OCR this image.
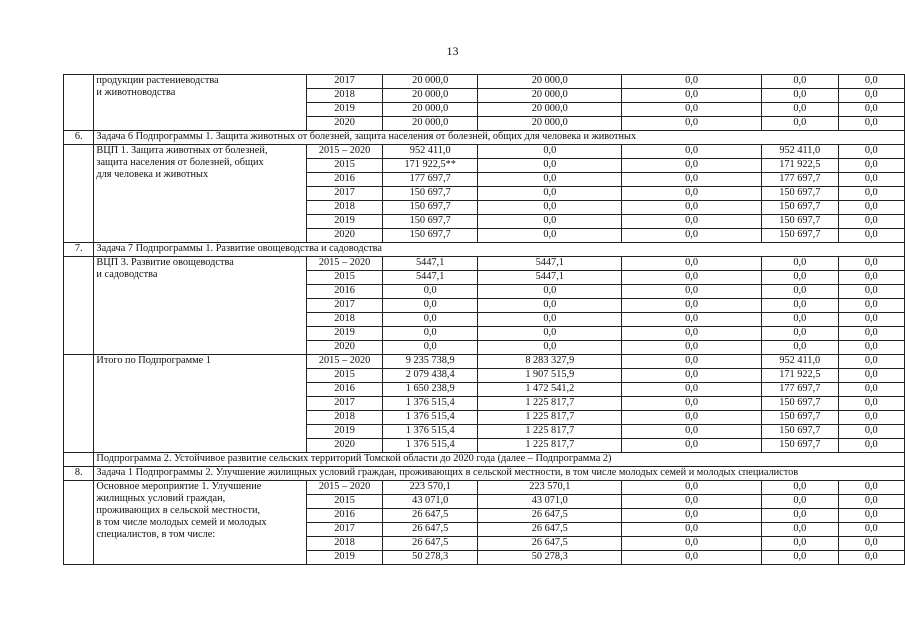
13

	продукции растениеводства
и животноводства	2017	20 000,0	20 000,0	0,0	0,0	0,0
		2018	20 000,0	20 000,0	0,0	0,0	0,0
		2019	20 000,0	20 000,0	0,0	0,0	0,0
		2020	20 000,0	20 000,0	0,0	0,0	0,0
6.	Задача 6 Подпрограммы 1. Защита животных от болезней, защита населения от болезней, общих для человека и животных						

	ВЦП 1. Защита животных от болезней,
защита населения от болезней, общих
для человека и животных	2015 – 2020	952 411,0	0,0	0,0	952 411,0	0,0
		2015	171 922,5**	0,0	0,0	171 922,5	0,0
		2016	177 697,7	0,0	0,0	177 697,7	0,0
		2017	150 697,7	0,0	0,0	150 697,7	0,0
		2018	150 697,7	0,0	0,0	150 697,7	0,0
		2019	150 697,7	0,0	0,0	150 697,7	0,0
		2020	150 697,7	0,0	0,0	150 697,7	0,0
7.	Задача 7 Подпрограммы 1. Развитие овощеводства и садоводства						

	ВЦП 3. Развитие овощеводства
и садоводства	2015 – 2020	5447,1	5447,1	0,0	0,0	0,0
		2015	5447,1	5447,1	0,0	0,0	0,0
		2016	0,0	0,0	0,0	0,0	0,0
		2017	0,0	0,0	0,0	0,0	0,0
		2018	0,0	0,0	0,0	0,0	0,0
		2019	0,0	0,0	0,0	0,0	0,0
		2020	0,0	0,0	0,0	0,0	0,0

	Итого по Подпрограмме 1	2015 – 2020	9 235 738,9	8 283 327,9	0,0	952 411,0	0,0
		2015	2 079 438,4	1 907 515,9	0,0	171 922,5	0,0
		2016	1 650 238,9	1 472 541,2	0,0	177 697,7	0,0
		2017	1 376 515,4	1 225 817,7	0,0	150 697,7	0,0
		2018	1 376 515,4	1 225 817,7	0,0	150 697,7	0,0
		2019	1 376 515,4	1 225 817,7	0,0	150 697,7	0,0
		2020	1 376 515,4	1 225 817,7	0,0	150 697,7	0,0
	Подпрограмма 2. Устойчивое развитие сельских территорий Томской области до 2020 года (далее – Подпрограмма 2)						
8.	Задача 1 Подпрограммы 2. Улучшение жилищных условий граждан, проживающих в сельской местности, в том числе молодых семей и молодых специалистов						

	Основное мероприятие 1. Улучшение
жилищных условий граждан,
проживающих в сельской местности,
в том числе молодых семей и молодых
специалистов, в том числе:	2015 – 2020	223 570,1	223 570,1	0,0	0,0	0,0
		2015	43 071,0	43 071,0	0,0	0,0	0,0
		2016	26 647,5	26 647,5	0,0	0,0	0,0
		2017	26 647,5	26 647,5	0,0	0,0	0,0
		2018	26 647,5	26 647,5	0,0	0,0	0,0
		2019	50 278,3	50 278,3	0,0	0,0	0,0
